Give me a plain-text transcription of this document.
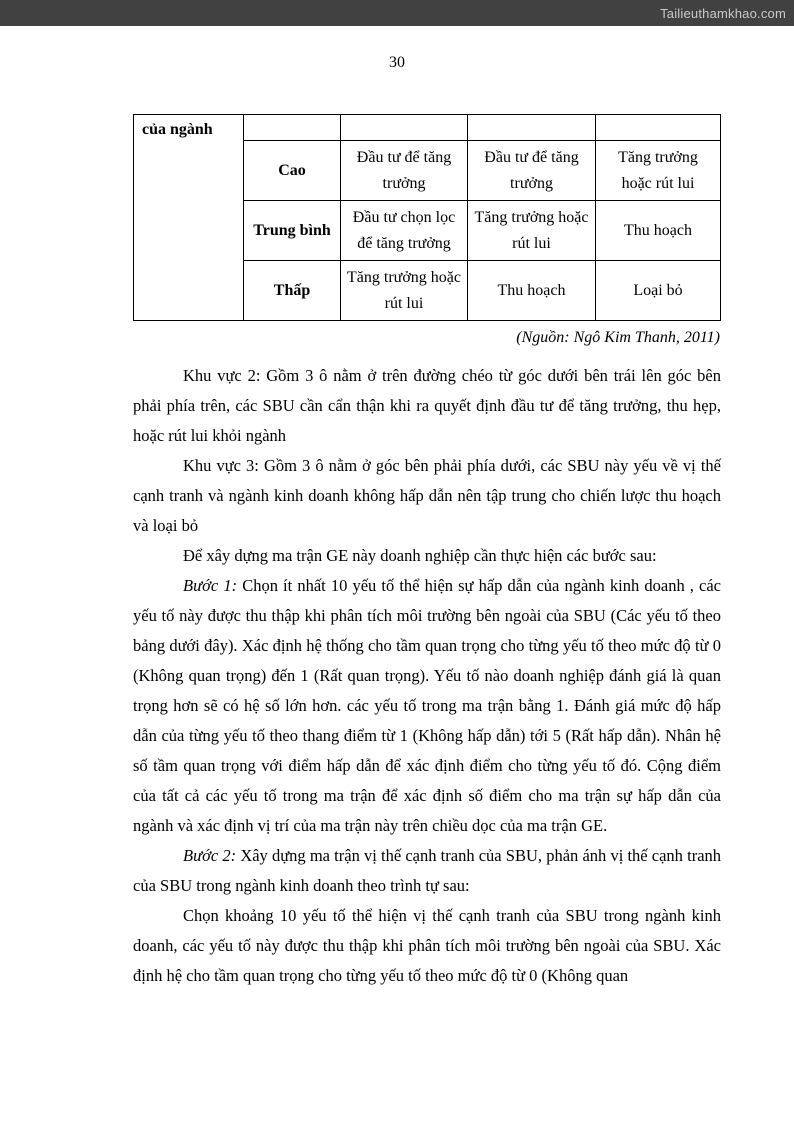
Tailieuthamkhao.com
30
của ngành				
	Cao	Đầu tư để tăng trưởng	Đầu tư để tăng trưởng	Tăng trưởng hoặc rút lui
	Trung bình	Đầu tư chọn lọc để tăng trưởng	Tăng trưởng hoặc rút lui	Thu hoạch
	Thấp	Tăng trưởng hoặc rút lui	Thu hoạch	Loại bỏ
(Nguồn: Ngô Kim Thanh, 2011)

Khu vực 2: Gồm 3 ô nằm ở trên đường chéo từ góc dưới bên trái lên góc bên phải phía trên, các SBU cần cẩn thận khi ra quyết định đầu tư để tăng trưởng, thu hẹp, hoặc rút lui khỏi ngành

Khu vực 3: Gồm 3 ô nằm ở góc bên phải phía dưới, các SBU này yếu về vị thế cạnh tranh và ngành kinh doanh không hấp dẫn nên tập trung cho chiến lược thu hoạch và loại bỏ

Để xây dựng ma trận GE này doanh nghiệp cần thực hiện các bước sau:

Bước 1: Chọn ít nhất 10 yếu tố thể hiện sự hấp dẫn của ngành kinh doanh , các yếu tố này được thu thập khi phân tích môi trường bên ngoài của SBU (Các yếu tố theo bảng dưới đây). Xác định hệ thống cho tầm quan trọng cho từng yếu tố theo mức độ từ 0 (Không quan trọng) đến 1 (Rất quan trọng). Yếu tố nào doanh nghiệp đánh giá là quan trọng hơn sẽ có hệ số lớn hơn. các yếu tố trong ma trận bằng 1. Đánh giá mức độ hấp dẫn của từng yếu tố theo thang điểm từ 1 (Không hấp dẫn) tới 5 (Rất hấp dẫn). Nhân hệ số tầm quan trọng với điểm hấp dẫn để xác định điểm cho từng yếu tố đó. Cộng điểm của tất cả các yếu tố trong ma trận để xác định số điểm cho ma trận sự hấp dẫn của ngành và xác định vị trí của ma trận này trên chiều dọc của ma trận GE.

Bước 2: Xây dựng ma trận vị thế cạnh tranh của SBU, phản ánh vị thế cạnh tranh của SBU trong ngành kinh doanh theo trình tự sau:

Chọn khoảng 10 yếu tố thể hiện vị thế cạnh tranh của SBU trong ngành kinh doanh, các yếu tố này được thu thập khi phân tích môi trường bên ngoài của SBU. Xác định hệ cho tầm quan trọng cho từng yếu tố theo mức độ từ 0 (Không quan
